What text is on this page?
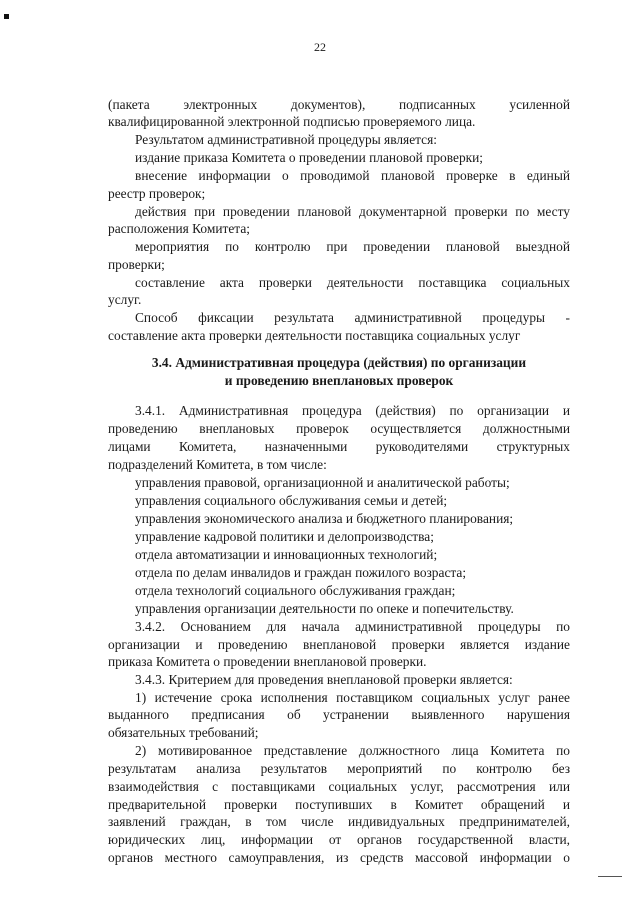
22
(пакета электронных документов), подписанных усиленной
квалифицированной электронной подписью проверяемого лица.
Результатом административной процедуры является:
издание приказа Комитета о проведении плановой проверки;
внесение информации о проводимой плановой проверке в единый
реестр проверок;
действия при проведении плановой документарной проверки по месту
расположения Комитета;
мероприятия по контролю при проведении плановой выездной
проверки;
составление акта проверки деятельности поставщика социальных
услуг.
Способ фиксации результата административной процедуры -
составление акта проверки деятельности поставщика социальных услуг
3.4. Административная процедура (действия) по организации
и проведению внеплановых проверок
3.4.1. Административная процедура (действия) по организации и
проведению внеплановых проверок осуществляется должностными
лицами Комитета, назначенными руководителями структурных
подразделений Комитета, в том числе:
управления правовой, организационной и аналитической работы;
управления социального обслуживания семьи и детей;
управления экономического анализа и бюджетного планирования;
управление кадровой политики и делопроизводства;
отдела автоматизации и инновационных технологий;
отдела по делам инвалидов и граждан пожилого возраста;
отдела технологий социального обслуживания граждан;
управления организации деятельности по опеке и попечительству.
3.4.2. Основанием для начала административной процедуры по
организации и проведению внеплановой проверки является издание
приказа Комитета о проведении внеплановой проверки.
3.4.3. Критерием для проведения внеплановой проверки является:
1) истечение срока исполнения поставщиком социальных услуг ранее
выданного предписания об устранении выявленного нарушения
обязательных требований;
2) мотивированное представление должностного лица Комитета по
результатам анализа результатов мероприятий по контролю без
взаимодействия с поставщиками социальных услуг, рассмотрения или
предварительной проверки поступивших в Комитет обращений и
заявлений граждан, в том числе индивидуальных предпринимателей,
юридических лиц, информации от органов государственной власти,
органов местного самоуправления, из средств массовой информации о
